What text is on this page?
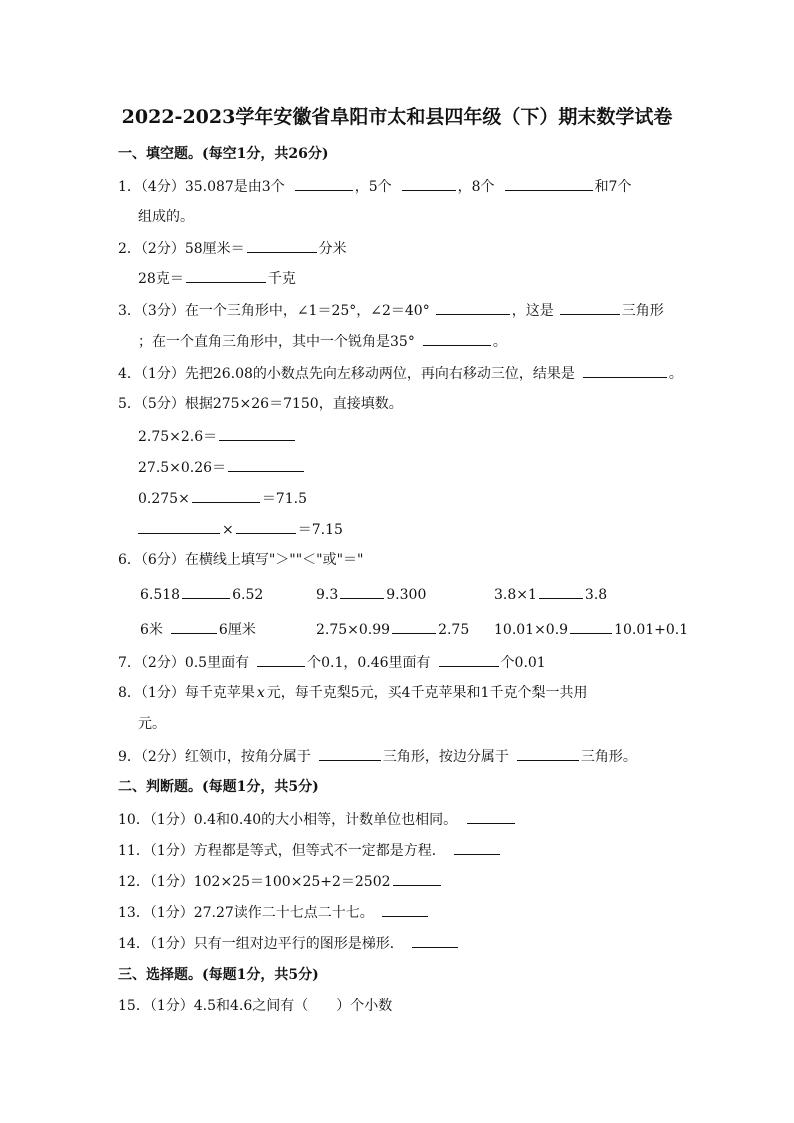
2022-2023学年安徽省阜阳市太和县四年级（下）期末数学试卷
一、填空题。(每空1分，共26分)
1．（4分）35.087是由3个	，5个	，8个	和7个
组成的。
2．（2分）58厘米＝	分米
28克＝	千克
3．（3分）在一个三角形中，∠1＝25°，∠2＝40°	，这是	三角形
；在一个直角三角形中，其中一个锐角是35°	。
4．（1分）先把26.08的小数点先向左移动两位，再向右移动三位，结果是	。
5．（5分）根据275×26＝7150，直接填数。
2.75×2.6＝
27.5×0.26＝
0.275×	＝71.5
×	＝7.15
6．（6分）在横线上填写"＞""＜"或"＝"
6.518	6.52	9.3	9.300	3.8×1	3.8
6米	6厘米	2.75×0.99	2.75 10.01×0.9	10.01+0.1
7．（2分）0.5里面有	个0.1，0.46里面有	个0.01
8．（1分）每千克苹果 x 元，每千克梨5元，买4千克苹果和1千克个梨一共用
元。
9．（2分）红领巾，按角分属于	三角形，按边分属于	三角形。
二、判断题。(每题1分，共5分)
10．（1分）0.4和0.40的大小相等，计数单位也相同。
11．（1分）方程都是等式，但等式不一定都是方程．
12．（1分）102×25＝100×25+2＝2502
13．（1分）27.27读作二十七点二十七。
14．（1分）只有一组对边平行的图形是梯形．
三、选择题。(每题1分，共5分)
15．（1分）4.5和4.6之间有（　　）个小数
